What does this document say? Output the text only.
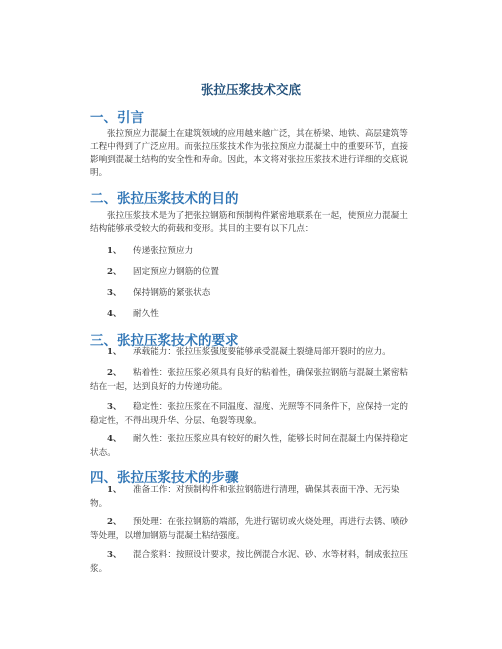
张拉压浆技术交底
一、引言
张拉预应力混凝土在建筑领域的应用越来越广泛，其在桥梁、地铁、高层建筑等工程中得到了广泛应用。而张拉压浆技术作为张拉预应力混凝土中的重要环节，直接影响到混凝土结构的安全性和寿命。因此，本文将对张拉压浆技术进行详细的交底说明。
二、张拉压浆技术的目的
张拉压浆技术是为了把张拉钢筋和预制构件紧密地联系在一起，使预应力混凝土结构能够承受较大的荷载和变形。其目的主要有以下几点：
1、 传递张拉预应力
2、 固定预应力钢筋的位置
3、 保持钢筋的紧张状态
4、 耐久性
三、张拉压浆技术的要求
1、 承载能力：张拉压浆强度要能够承受混凝土裂缝局部开裂时的应力。
2、 粘着性：张拉压浆必须具有良好的粘着性，确保张拉钢筋与混凝土紧密粘结在一起，达到良好的力传递功能。
3、 稳定性：张拉压浆在不同温度、湿度、光照等不同条件下，应保持一定的稳定性，不得出现升华、分层、龟裂等现象。
4、 耐久性：张拉压浆应具有较好的耐久性，能够长时间在混凝土内保持稳定状态。
四、张拉压浆技术的步骤
1、 准备工作：对预制构件和张拉钢筋进行清理，确保其表面干净、无污染物。
2、 预处理：在张拉钢筋的端部，先进行锯切或火烧处理，再进行去锈、喷砂等处理，以增加钢筋与混凝土粘结强度。
3、 混合浆料：按照设计要求，按比例混合水泥、砂、水等材料，制成张拉压浆。
